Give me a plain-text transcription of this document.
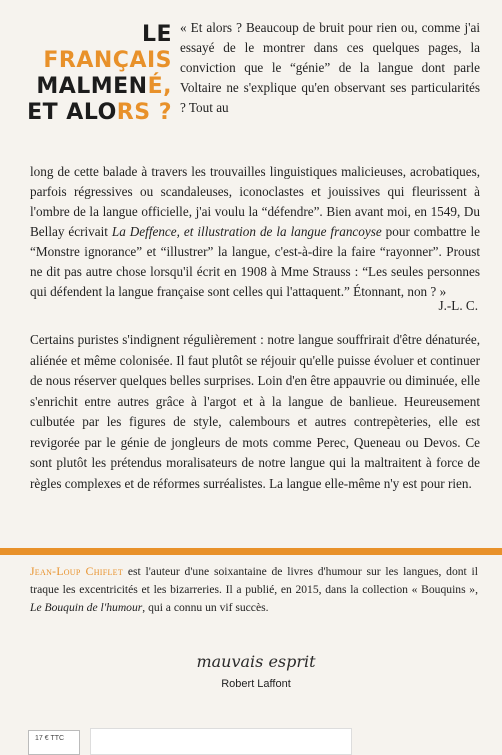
LE FRANÇAIS
MALMENÉ,
ET ALORS ?
« Et alors ? Beaucoup de bruit pour rien ou, comme j'ai essayé de le montrer dans ces quelques pages, la conviction que le “génie” de la langue dont parle Voltaire ne s'explique qu'en observant ses particularités ? Tout au
long de cette balade à travers les trouvailles linguistiques malicieuses, acrobatiques, parfois régressives ou scandaleuses, iconoclastes et jouissives qui fleurissent à l'ombre de la langue officielle, j'ai voulu la “défendre”. Bien avant moi, en 1549, Du Bellay écrivait La Deffence, et illustration de la langue francoyse pour combattre le “Monstre ignorance” et “illustrer” la langue, c'est-à-dire la faire “rayonner”. Proust ne dit pas autre chose lorsqu'il écrit en 1908 à Mme Strauss : “Les seules personnes qui défendent la langue française sont celles qui l'attaquent.” Étonnant, non ? »
J.-L. C.
Certains puristes s'indignent régulièrement : notre langue souffrirait d'être dénaturée, aliénée et même colonisée. Il faut plutôt se réjouir qu'elle puisse évoluer et continuer de nous réserver quelques belles surprises. Loin d'en être appauvrie ou diminuée, elle s'enrichit entre autres grâce à l'argot et à la langue de banlieue. Heureusement culbutée par les figures de style, calembours et autres contrepèteries, elle est revigorée par le génie de jongleurs de mots comme Perec, Queneau ou Devos. Ce sont plutôt les prétendus moralisateurs de notre langue qui la maltraitent à force de règles complexes et de réformes surréalistes. La langue elle-même n'y est pour rien.
Jean-Loup Chiflet est l'auteur d'une soixantaine de livres d'humour sur les langues, dont il traque les excentricités et les bizarreries. Il a publié, en 2015, dans la collection « Bouquins », Le Bouquin de l'humour, qui a connu un vif succès.
mauvais esprit
Robert Laffont
17 € TTC
